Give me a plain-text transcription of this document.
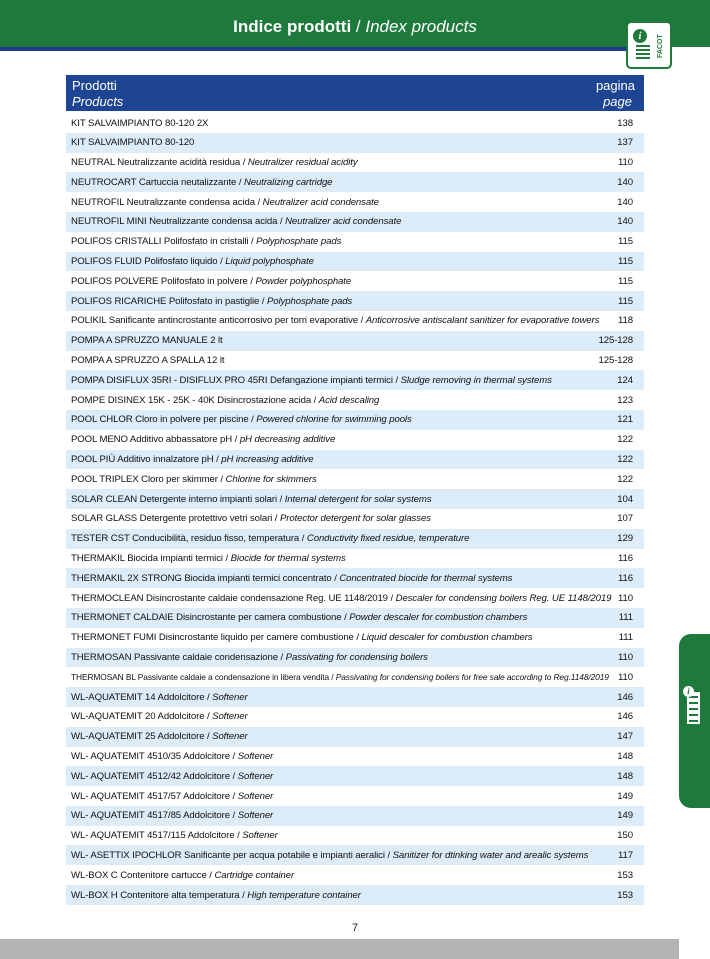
Indice prodotti / Index products	i	FACOT
Prodotti
Products
pagina
page
KIT SALVAIMPIANTO 80-120 2X	138
KIT SALVAIMPIANTO 80-120	137
NEUTRAL Neutralizzante acidità residua / Neutralizer residual acidity	110
NEUTROCART Cartuccia neutalizzante / Neutralizing cartridge	140
NEUTROFIL Neutralizzante condensa acida / Neutralizer acid condensate	140
NEUTROFIL MINI Neutralizzante condensa acida / Neutralizer acid condensate	140
POLIFOS CRISTALLI Polifosfato in cristalli / Polyphosphate pads	115
POLIFOS FLUID Polifosfato liquido / Liquid polyphosphate	115
POLIFOS POLVERE Polifosfato in polvere / Powder polyphosphate	115
POLIFOS RICARICHE Polifosfato in pastiglie / Polyphosphate pads	115
POLIKIL Sanificante antincrostante anticorrosivo per torri evaporative / Anticorrosive antiscalant sanitizer for evaporative towers 118
POMPA A SPRUZZO MANUALE 2 lt	125-128
POMPA A SPRUZZO A SPALLA 12 lt	125-128
POMPA DISIFLUX 35RI - DISIFLUX PRO 45RI Defangazione impianti termici / Sludge removing in thermal systems	124
POMPE DISINEX 15K - 25K - 40K Disincrostazione acida / Acid descaling	123
POOL CHLOR Cloro in polvere per piscine / Powered chlorine for swimming pools	121
POOL MENO Additivo abbassatore pH / pH decreasing additive	122
POOL PIÙ Additivo innalzatore pH / pH increasing additive	122
POOL TRIPLEX Cloro per skimmer / Chlorine for skimmers	122
SOLAR CLEAN Detergente interno impianti solari / Internal detergent for solar systems	104
SOLAR GLASS Detergente protettivo vetri solari / Protector detergent for solar glasses	107
TESTER CST Conducibilità, residuo fisso, temperatura / Conductivity fixed residue, temperature	129
THERMAKIL Biocida impianti termici / Biocide for thermal systems	116
THERMAKIL 2X STRONG Biocida impianti termici concentrato / Concentrated biocide for thermal systems	116
THERMOCLEAN Disincrostante caldaie condensazione Reg. UE 1148/2019 / Descaler for condensing boilers Reg. UE 1148/2019 110
THERMONET CALDAIE Disincrostante per camera combustione / Powder descaler for combustion chambers	111
THERMONET FUMI Disincrostante liquido per camere combustione / Liquid descaler for combustion chambers	111
THERMOSAN Passivante caldaie condensazione / Passivating for condensing boilers	110
THERMOSAN BL Passivante caldaie a condensazione in libera vendita / Passivating for condensing boilers for free sale according to Reg.1148/2019 110
WL-AQUATEMIT 14 Addolcitore / Softener	146
WL-AQUATEMIT 20 Addolcitore / Softener	146
WL-AQUATEMIT 25 Addolcitore / Softener	147
WL- AQUATEMIT 4510/35 Addolcitore / Softener	148
WL- AQUATEMIT 4512/42 Addolcitore / Softener	148
WL- AQUATEMIT 4517/57 Addolcitore / Softener	149
WL- AQUATEMIT 4517/85 Addolcitore / Softener	149
WL- AQUATEMIT 4517/115 Addolcitore / Softener	150
WL- ASETTIX IPOCHLOR Sanificante per acqua potabile e impianti aeralici / Sanitizer for dtinking water and arealic systems	117
WL-BOX C Contenitore cartucce / Cartridge container	153
WL-BOX H Contenitore alta temperatura / High temperature container	153
7
i
